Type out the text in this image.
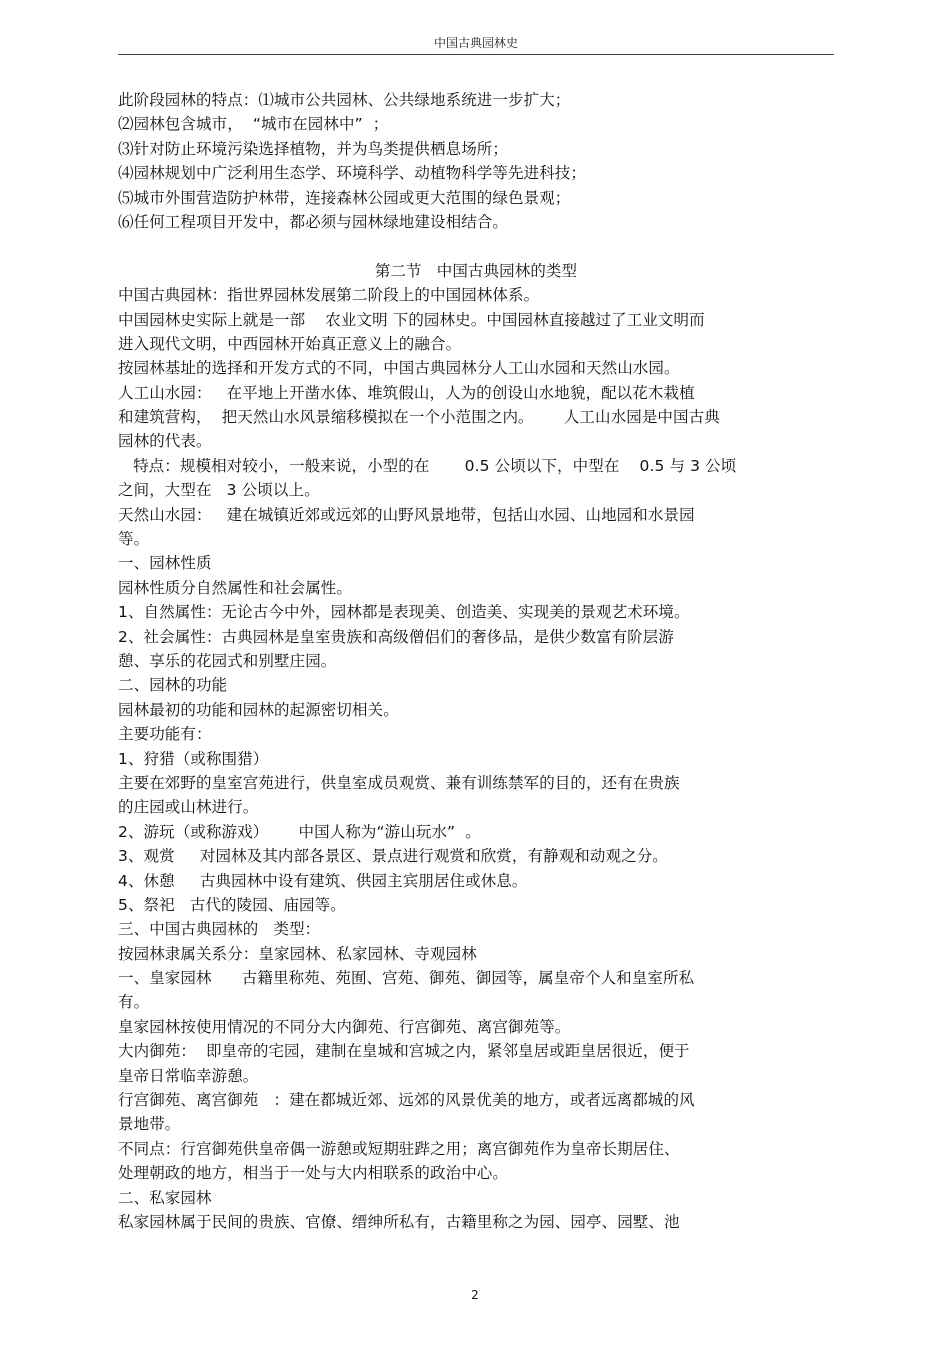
中国古典园林史
此阶段园林的特点：⑴城市公共园林、公共绿地系统进一步扩大；
⑵园林包含城市，  “城市在园林中”  ；
⑶针对防止环境污染选择植物，并为鸟类提供栖息场所；
⑷园林规划中广泛利用生态学、环境科学、动植物科学等先进科技；
⑸城市外围营造防护林带，连接森林公园或更大范围的绿色景观；
⑹任何工程项目开发中，都必须与园林绿地建设相结合。
第二节   中国古典园林的类型
中国古典园林：指世界园林发展第二阶段上的中国园林体系。
中国园林史实际上就是一部    农业文明 下的园林史。中国园林直接越过了工业文明而
进入现代文明，中西园林开始真正意义上的融合。
按园林基址的选择和开发方式的不同，中国古典园林分人工山水园和天然山水园。
人工山水园：   在平地上开凿水体、堆筑假山，人为的创设山水地貌，配以花木栽植
和建筑营构，  把天然山水风景缩移模拟在一个小范围之内。      人工山水园是中国古典
园林的代表。
特点：规模相对较小，一般来说，小型的在       0.5 公顷以下，中型在    0.5 与 3 公顷
之间，大型在   3 公顷以上。
天然山水园：   建在城镇近郊或远郊的山野风景地带，包括山水园、山地园和水景园
等。
一、园林性质
园林性质分自然属性和社会属性。
1、自然属性：无论古今中外，园林都是表现美、创造美、实现美的景观艺术环境。
2、社会属性：古典园林是皇室贵族和高级僧侣们的奢侈品，是供少数富有阶层游
憩、享乐的花园式和别墅庄园。
二、园林的功能
园林最初的功能和园林的起源密切相关。
主要功能有：
1、狩猎（或称围猎）
主要在郊野的皇室宫苑进行，供皇室成员观赏、兼有训练禁军的目的，还有在贵族
的庄园或山林进行。
2、游玩（或称游戏）      中国人称为“游山玩水”  。
3、观赏     对园林及其内部各景区、景点进行观赏和欣赏，有静观和动观之分。
4、休憩     古典园林中设有建筑、供园主宾朋居住或休息。
5、祭祀   古代的陵园、庙园等。
三、中国古典园林的   类型：
按园林隶属关系分：皇家园林、私家园林、寺观园林
一、皇家园林      古籍里称苑、苑囿、宫苑、御苑、御园等，属皇帝个人和皇室所私
有。
皇家园林按使用情况的不同分大内御苑、行宫御苑、离宫御苑等。
大内御苑：  即皇帝的宅园，建制在皇城和宫城之内，紧邻皇居或距皇居很近，便于
皇帝日常临幸游憩。
行宫御苑、离宫御苑   ：建在都城近郊、远郊的风景优美的地方，或者远离都城的风
景地带。
不同点：行宫御苑供皇帝偶一游憩或短期驻跸之用；离宫御苑作为皇帝长期居住、
处理朝政的地方，相当于一处与大内相联系的政治中心。
二、私家园林
私家园林属于民间的贵族、官僚、缙绅所私有，古籍里称之为园、园亭、园墅、池
2
